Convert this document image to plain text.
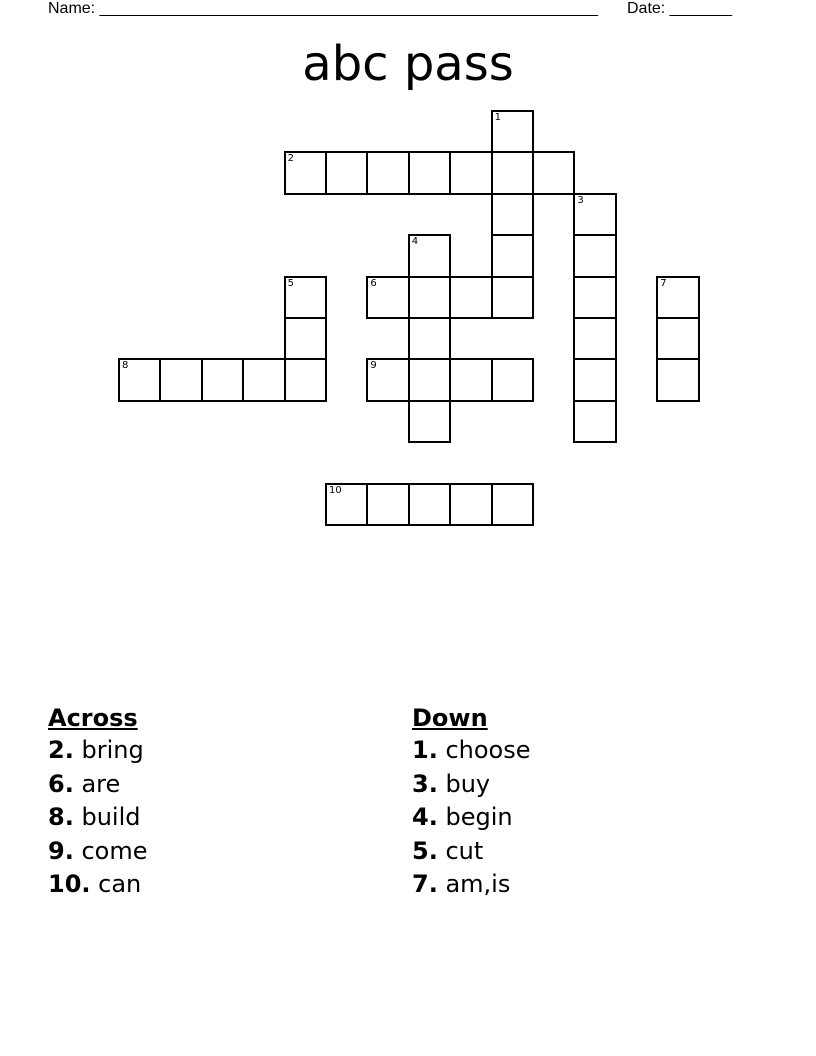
Name: ________________________________________________________ Date: _______
abc pass
1
2
3
4
5	6	7
8	9
10
Across
2. bring
6. are
8. build
9. come
10. can
Down
1. choose
3. buy
4. begin
5. cut
7. am,is
